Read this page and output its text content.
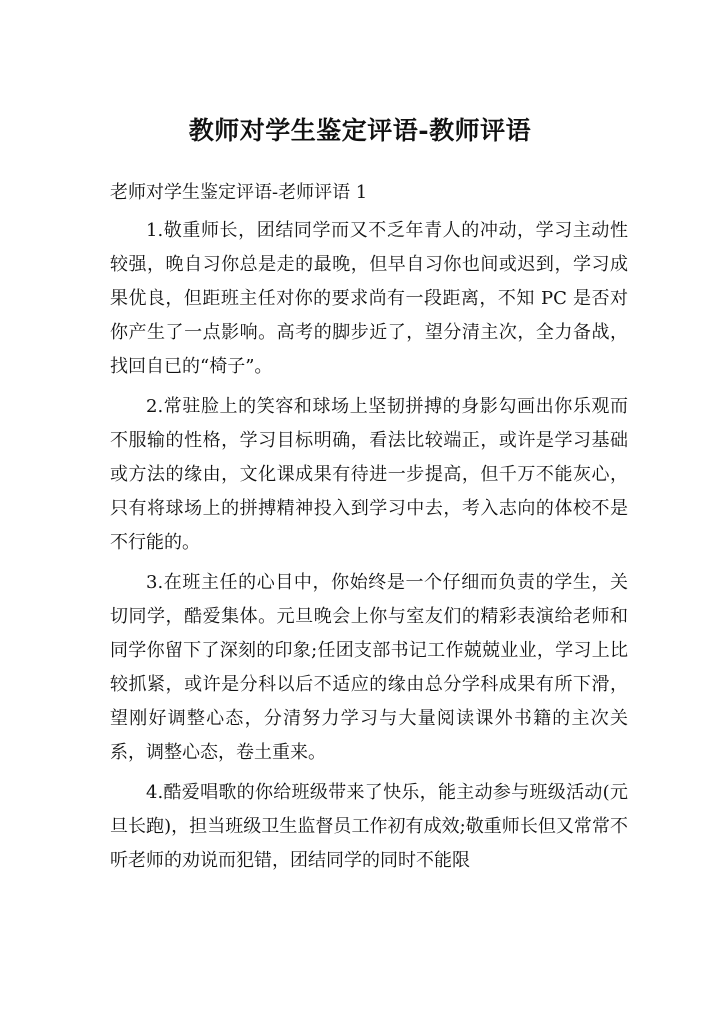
教师对学生鉴定评语-教师评语

老师对学生鉴定评语-老师评语 1

1.敬重师长，团结同学而又不乏年青人的冲动，学习主动性较强，晚自习你总是走的最晚，但早自习你也间或迟到，学习成果优良，但距班主任对你的要求尚有一段距离，不知 PC 是否对你产生了一点影响。高考的脚步近了，望分清主次，全力备战，找回自已的“椅子”。

2.常驻脸上的笑容和球场上坚韧拼搏的身影勾画出你乐观而不服输的性格，学习目标明确，看法比较端正，或许是学习基础或方法的缘由，文化课成果有待进一步提高，但千万不能灰心，只有将球场上的拼搏精神投入到学习中去，考入志向的体校不是不行能的。

3.在班主任的心目中，你始终是一个仔细而负责的学生，关切同学，酷爱集体。元旦晚会上你与室友们的精彩表演给老师和同学你留下了深刻的印象;任团支部书记工作兢兢业业，学习上比较抓紧，或许是分科以后不适应的缘由总分学科成果有所下滑，望刚好调整心态，分清努力学习与大量阅读课外书籍的主次关系，调整心态，卷土重来。

4.酷爱唱歌的你给班级带来了快乐，能主动参与班级活动(元旦长跑)，担当班级卫生监督员工作初有成效;敬重师长但又常常不听老师的劝说而犯错，团结同学的同时不能限
